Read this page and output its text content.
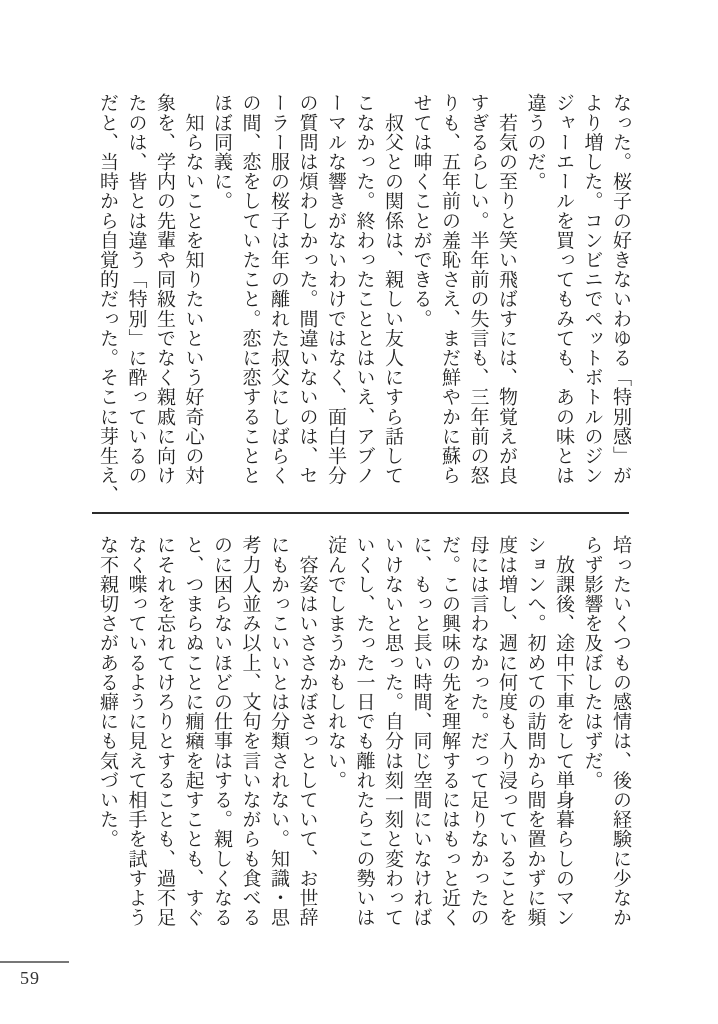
なった。桜子の好きないわゆる「特別感」が
より増した。コンビニでペットボトルのジン
ジャーエールを買ってもみても、あの味とは
違うのだ。
　若気の至りと笑い飛ばすには、物覚えが良
すぎるらしい。半年前の失言も、三年前の怒
りも、五年前の羞恥さえ、まだ鮮やかに蘇ら
せては呻くことができる。
　叔父との関係は、親しい友人にすら話して
こなかった。終わったこととはいえ、アブノ
ーマルな響きがないわけではなく、面白半分
の質問は煩わしかった。間違いないのは、セ
ーラー服の桜子は年の離れた叔父にしばらく
の間、恋をしていたこと。恋に恋することと
ほぼ同義に。
　知らないことを知りたいという好奇心の対
象を、学内の先輩や同級生でなく親戚に向け
たのは、皆とは違う「特別」に酔っているの
だと、当時から自覚的だった。そこに芽生え、
培ったいくつもの感情は、後の経験に少なか
らず影響を及ぼしたはずだ。
　放課後、途中下車をして単身暮らしのマン
ションへ。初めての訪問から間を置かずに頻
度は増し、週に何度も入り浸っていることを
母には言わなかった。だって足りなかったの
だ。この興味の先を理解するにはもっと近く
に、もっと長い時間、同じ空間にいなければ
いけないと思った。自分は刻一刻と変わって
いくし、たった一日でも離れたらこの勢いは
淀んでしまうかもしれない。
　容姿はいささかぼさっとしていて、お世辞
にもかっこいいとは分類されない。知識・思
考力人並み以上、文句を言いながらも食べる
のに困らないほどの仕事はする。親しくなる
と、つまらぬことに癇癪を起すことも、すぐ
にそれを忘れてけろりとすることも、過不足
なく喋っているように見えて相手を試すよう
な不親切さがある癖にも気づいた。
59
